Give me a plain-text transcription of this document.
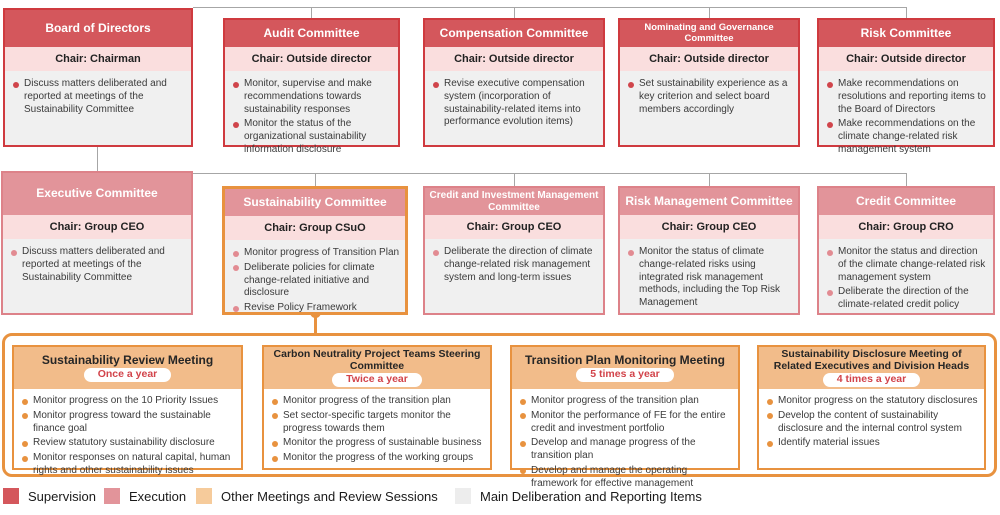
Board of Directors
Chair: Chairman
Discuss matters deliberated and reported at meetings of the Sustainability Committee
Audit Committee
Chair: Outside director
Monitor, supervise and make recommendations towards sustainability responses
Monitor the status of the organizational sustainability information disclosure
Compensation Committee
Chair: Outside director
Revise executive compensation system (incorporation of sustainability-related items into performance evolution items)
Nominating and Governance Committee
Chair: Outside director
Set sustainability experience as a key criterion and select board members accordingly
Risk Committee
Chair: Outside director
Make recommendations on resolutions and reporting items to the Board of Directors
Make recommendations on the climate change-related risk management system
Executive Committee
Chair: Group CEO
Discuss matters deliberated and reported at meetings of the Sustainability Committee
Sustainability Committee
Chair: Group CSuO
Monitor progress of Transition Plan
Deliberate policies for climate change-related initiative and disclosure
Revise Policy Framework
Credit and Investment Management Committee
Chair: Group CEO
Deliberate the direction of climate change-related risk management system and long-term issues
Risk Management Committee
Chair: Group CEO
Monitor the status of climate change-related risks using integrated risk management methods, including the Top Risk Management
Credit Committee
Chair: Group CRO
Monitor the status and direction of the climate change-related risk management system
Deliberate the direction of the climate-related credit policy
Sustainability Review Meeting
Once a year
Monitor progress on the 10 Priority Issues
Monitor progress toward the sustainable finance goal
Review statutory sustainability disclosure
Monitor responses on natural capital, human rights and other sustainability issues
Carbon Neutrality Project Teams Steering Committee
Twice a year
Monitor progress of the transition plan
Set sector-specific targets monitor the progress towards them
Monitor the progress of sustainable business
Monitor the progress of the working groups
Transition Plan Monitoring Meeting
5 times a year
Monitor progress of the transition plan
Monitor the performance of FE for the entire credit and investment portfolio
Develop and manage progress of the transition plan
Develop and manage the operating framework for effective management
Sustainability Disclosure Meeting of Related Executives and Division Heads
4 times a year
Monitor progress on the statutory disclosures
Develop the content of sustainability disclosure and the internal control system
Identify material issues
Supervision	Execution	Other Meetings and Review Sessions	Main Deliberation and Reporting Items
